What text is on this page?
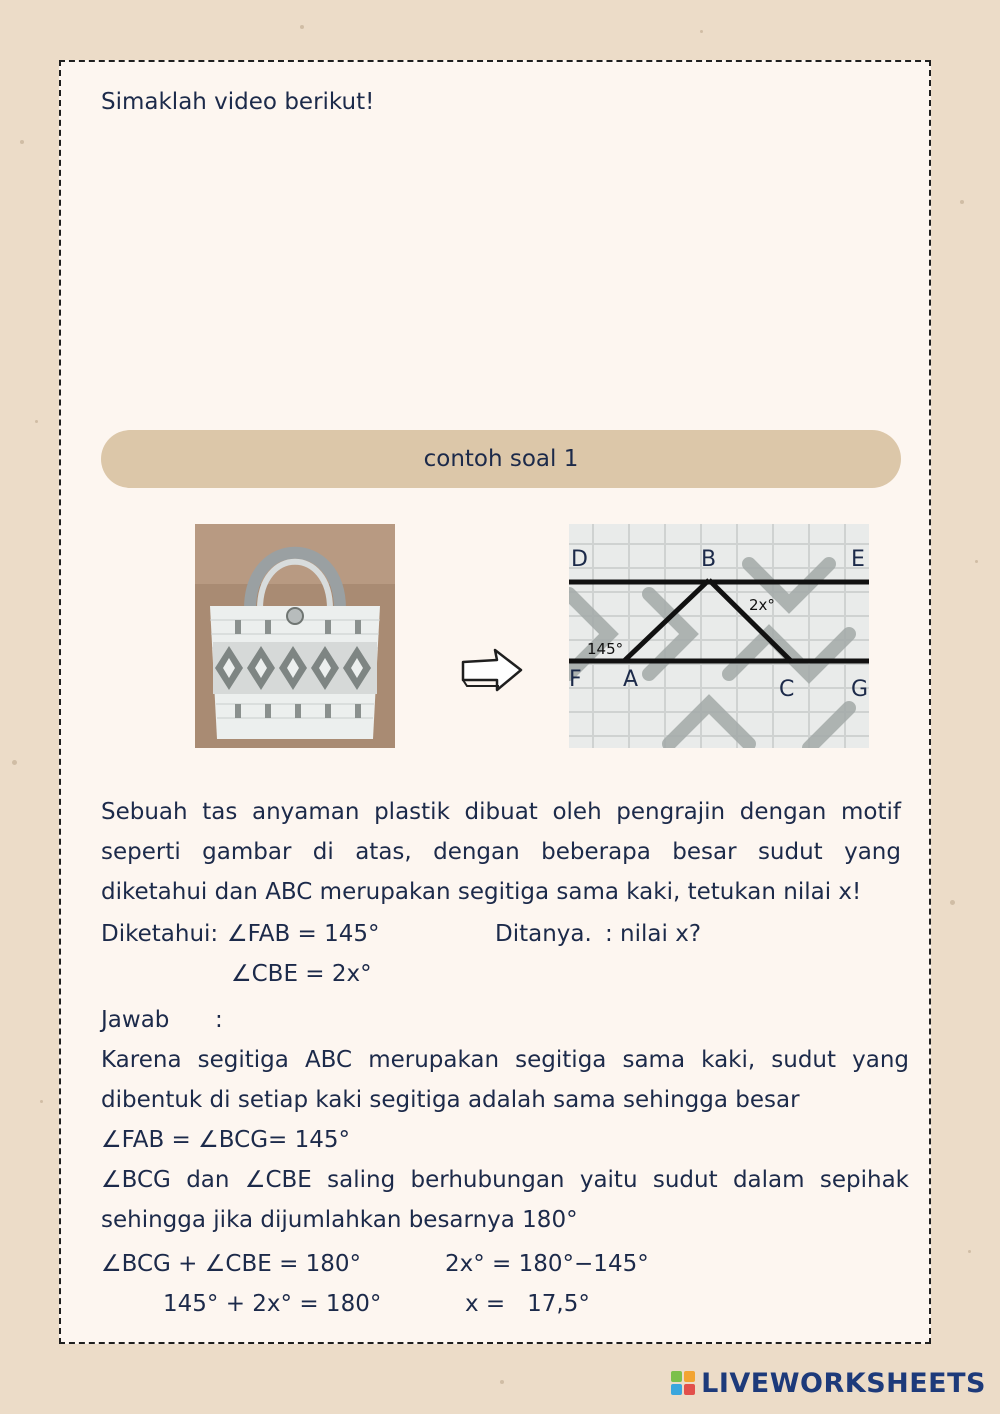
Simaklah video berikut!
contoh soal 1
D	B	E
F A	C	G
145°
2x°
Sebuah tas anyaman plastik dibuat oleh pengrajin dengan motif
seperti gambar di atas, dengan beberapa besar sudut yang
diketahui dan ABC merupakan segitiga sama kaki, tetukan nilai x!
Diketahui: ∠FAB = 145°
∠CBE = 2x°
Ditanya. : nilai x?
Jawab :
Karena segitiga ABC merupakan segitiga sama kaki, sudut yang
dibentuk di setiap kaki segitiga adalah sama sehingga besar
∠FAB = ∠BCG= 145°
∠BCG dan ∠CBE saling berhubungan yaitu sudut dalam sepihak
sehingga jika dijumlahkan besarnya 180°
∠BCG + ∠CBE = 180°
145° + 2x° = 180°
2x° = 180°−145°
x =   17,5°
LIVEWORKSHEETS
